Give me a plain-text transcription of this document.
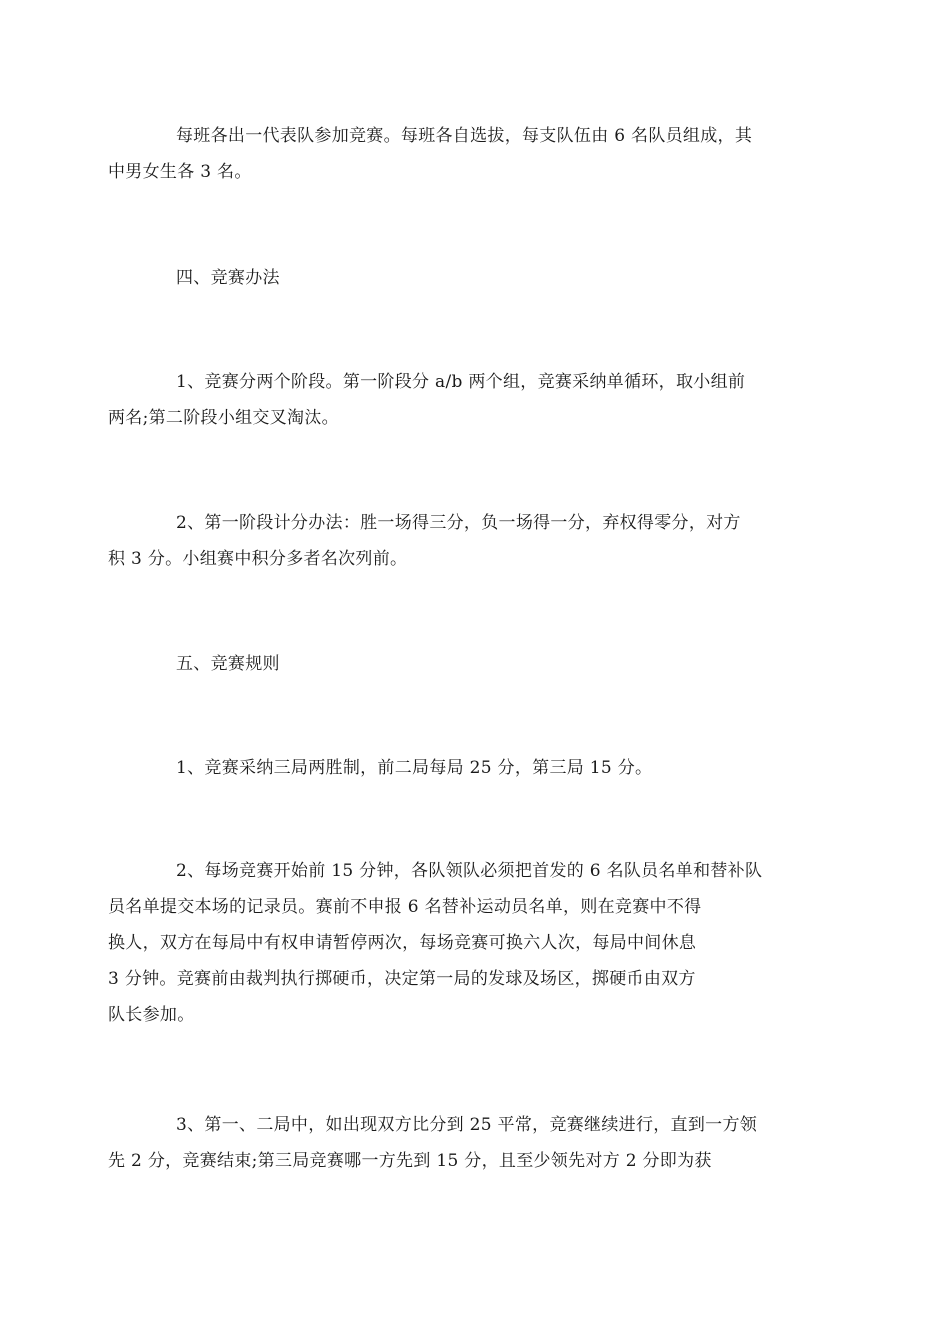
每班各出一代表队参加竞赛。每班各自选拔，每支队伍由 6 名队员组成，其
中男女生各 3 名。

四、竞赛办法

1、竞赛分两个阶段。第一阶段分 a/b 两个组，竞赛采纳单循环，取小组前
两名;第二阶段小组交叉淘汰。

2、第一阶段计分办法：胜一场得三分，负一场得一分，弃权得零分，对方
积 3 分。小组赛中积分多者名次列前。

五、竞赛规则

1、竞赛采纳三局两胜制，前二局每局 25 分，第三局 15 分。

2、每场竞赛开始前 15 分钟，各队领队必须把首发的 6 名队员名单和替补队
员名单提交本场的记录员。赛前不申报 6 名替补运动员名单，则在竞赛中不得
换人，双方在每局中有权申请暂停两次，每场竞赛可换六人次，每局中间休息
3 分钟。竞赛前由裁判执行掷硬币，决定第一局的发球及场区，掷硬币由双方
队长参加。

3、第一、二局中，如出现双方比分到 25 平常，竞赛继续进行，直到一方领
先 2 分，竞赛结束;第三局竞赛哪一方先到 15 分，且至少领先对方 2 分即为获
